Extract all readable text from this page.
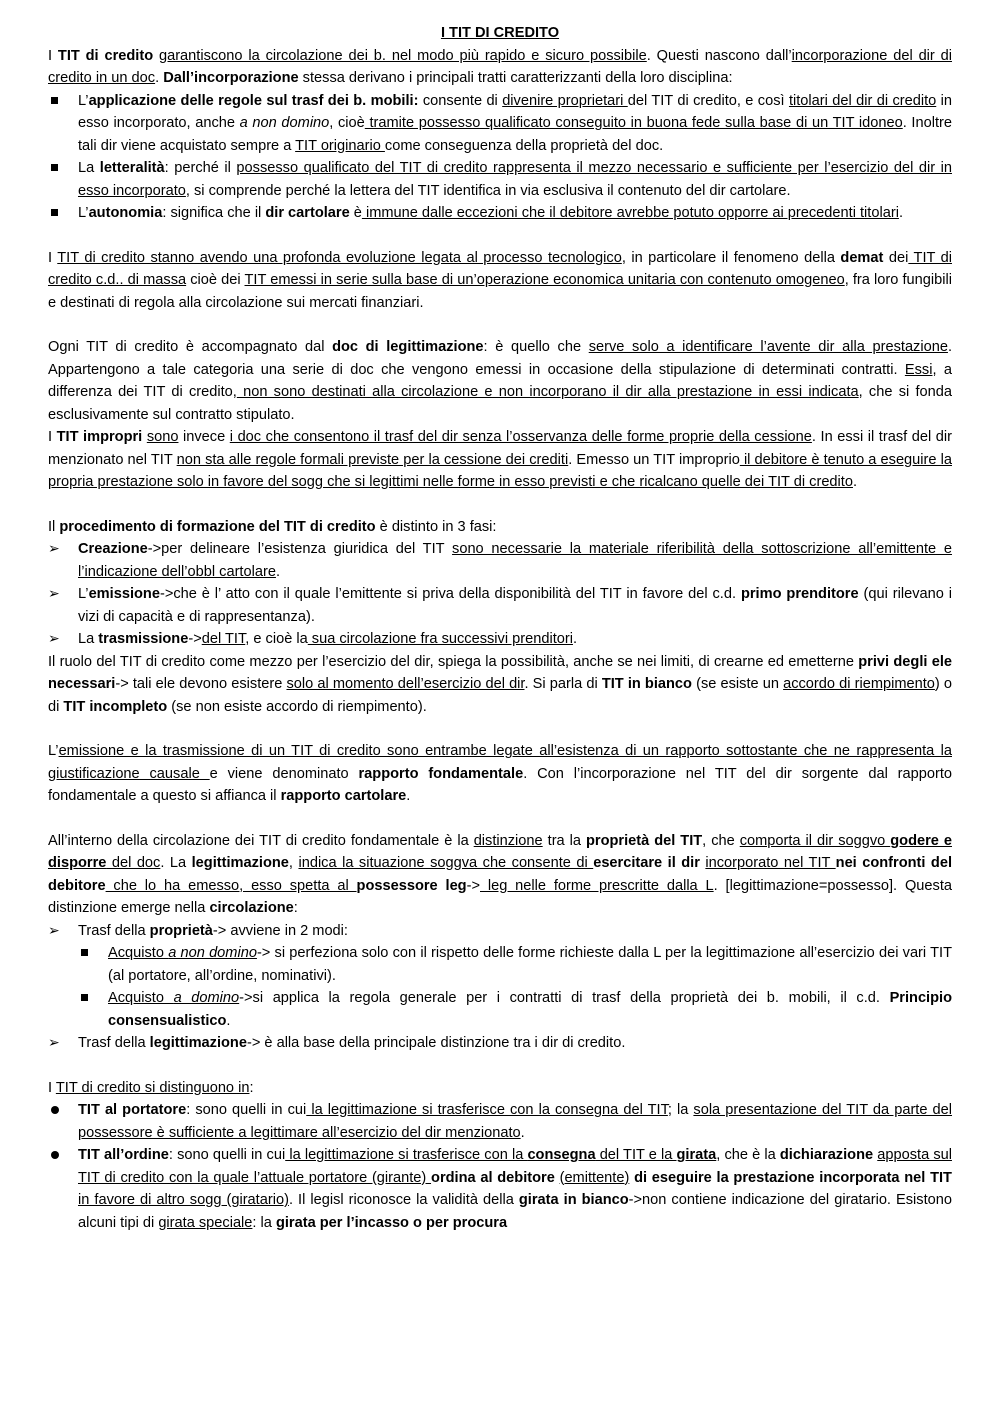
I TIT DI CREDITO

I TIT di credito garantiscono la circolazione dei b. nel modo più rapido e sicuro possibile. Questi nascono dall’incorporazione del dir di credito in un doc. Dall’incorporazione stessa derivano i principali tratti caratterizzanti della loro disciplina:

L’applicazione delle regole sul trasf dei b. mobili: consente di divenire proprietari del TIT di credito, e così titolari del dir di credito in esso incorporato, anche a non domino, cioè tramite possesso qualificato conseguito in buona fede sulla base di un TIT idoneo. Inoltre tali dir viene acquistato sempre a TIT originario come conseguenza della proprietà del doc.
La letteralità: perché il possesso qualificato del TIT di credito rappresenta il mezzo necessario e sufficiente per l’esercizio del dir in esso incorporato, si comprende perché la lettera del TIT identifica in via esclusiva il contenuto del dir cartolare.
L’autonomia: significa che il dir cartolare è immune dalle eccezioni che il debitore avrebbe potuto opporre ai precedenti titolari.

I TIT di credito stanno avendo una profonda evoluzione legata al processo tecnologico, in particolare il fenomeno della demat dei TIT di credito c.d.. di massa cioè dei TIT emessi in serie sulla base di un’operazione economica unitaria con contenuto omogeneo, fra loro fungibili e destinati di regola alla circolazione sui mercati finanziari.

Ogni TIT di credito è accompagnato dal doc di legittimazione: è quello che serve solo a identificare l’avente dir alla prestazione. Appartengono a tale categoria una serie di doc che vengono emessi in occasione della stipulazione di determinati contratti. Essi, a differenza dei TIT di credito, non sono destinati alla circolazione e non incorporano il dir alla prestazione in essi indicata, che si fonda esclusivamente sul contratto stipulato.

I TIT impropri sono invece i doc che consentono il trasf del dir senza l’osservanza delle forme proprie della cessione. In essi il trasf del dir menzionato nel TIT non sta alle regole formali previste per la cessione dei crediti. Emesso un TIT improprio il debitore è tenuto a eseguire la propria prestazione solo in favore del sogg che si legittimi nelle forme in esso previsti e che ricalcano quelle dei TIT di credito.

Il procedimento di formazione del TIT di credito è distinto in 3 fasi:

➢ Creazione->per delineare l’esistenza giuridica del TIT sono necessarie la materiale riferibilità della sottoscrizione all’emittente e l’indicazione dell’obbl cartolare.
➢ L’emissione->che è l’ atto con il quale l’emittente si priva della disponibilità del TIT in favore del c.d. primo prenditore (qui rilevano i vizi di capacità e di rappresentanza).
➢ La trasmissione->del TIT, e cioè la sua circolazione fra successivi prenditori.

Il ruolo del TIT di credito come mezzo per l’esercizio del dir, spiega la possibilità, anche se nei limiti, di crearne ed emetterne privi degli ele necessari-> tali ele devono esistere solo al momento dell’esercizio del dir. Si parla di TIT in bianco (se esiste un accordo di riempimento) o di TIT incompleto (se non esiste accordo di riempimento).

L’emissione e la trasmissione di un TIT di credito sono entrambe legate all’esistenza di un rapporto sottostante che ne rappresenta la giustificazione causale e viene denominato rapporto fondamentale. Con l’incorporazione nel TIT del dir sorgente dal rapporto fondamentale a questo si affianca il rapporto cartolare.

All’interno della circolazione dei TIT di credito fondamentale è la distinzione tra la proprietà del TIT, che comporta il dir soggvo godere e disporre del doc. La legittimazione, indica la situazione soggva che consente di esercitare il dir incorporato nel TIT nei confronti del debitore che lo ha emesso, esso spetta al possessore leg-> leg nelle forme prescritte dalla L. [legittimazione=possesso]. Questa distinzione emerge nella circolazione:

➢ Trasf della proprietà-> avviene in 2 modi:
Acquisto a non domino-> si perfeziona solo con il rispetto delle forme richieste dalla L per la legittimazione all’esercizio dei vari TIT (al portatore, all’ordine, nominativi).
Acquisto a domino->si applica la regola generale per i contratti di trasf della proprietà dei b. mobili, il c.d. Principio consensualistico.
➢ Trasf della legittimazione-> è alla base della principale distinzione tra i dir di credito.

I TIT di credito si distinguono in:

TIT al portatore: sono quelli in cui la legittimazione si trasferisce con la consegna del TIT; la sola presentazione del TIT da parte del possessore è sufficiente a legittimare all’esercizio del dir menzionato.
TIT all’ordine: sono quelli in cui la legittimazione si trasferisce con la consegna del TIT e la girata, che è la dichiarazione apposta sul TIT di credito con la quale l’attuale portatore (girante) ordina al debitore (emittente) di eseguire la prestazione incorporata nel TIT in favore di altro sogg (giratario). Il legisl riconosce la validità della girata in bianco->non contiene indicazione del giratario. Esistono alcuni tipi di girata speciale: la girata per l’incasso o per procura
